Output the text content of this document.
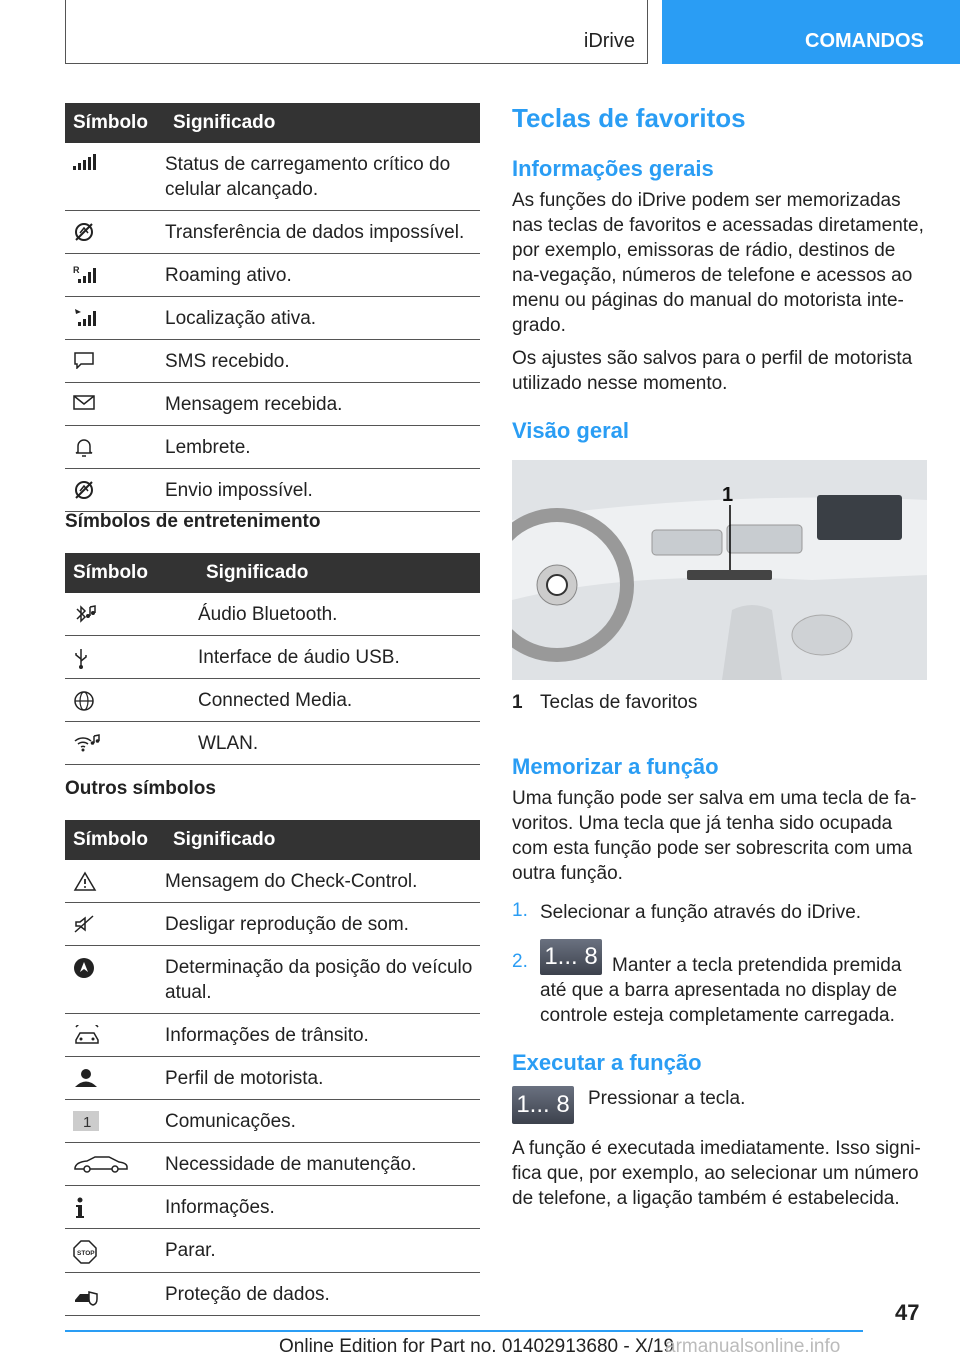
iDrive	COMANDOS
Símbolo	Significado

	Status de carregamento crítico do celular alcançado.

	Transferência de dados impossível.

R	Roaming ativo.

	Localização ativa.

	SMS recebido.

	Mensagem recebida.

	Lembrete.

	Envio impossível.
Símbolos de entretenimento
Símbolo	Significado

	Áudio Bluetooth.

	Interface de áudio USB.

	Connected Media.

	WLAN.
Outros símbolos
Símbolo	Significado

	Mensagem do Check-Control.

	Desligar reprodução de som.

	Determinação da posição do veículo atual.

	Informações de trânsito.

	Perfil de motorista.

1	Comunicações.

	Necessidade de manutenção.

	Informações.

STOP	Parar.

	Proteção de dados.
Teclas de favoritos
Informações gerais

As funções do iDrive podem ser memorizadas nas teclas de favoritos e acessadas diretamente, por exemplo, emissoras de rádio, destinos de na-vegação, números de telefone e acessos ao menu ou páginas do manual do motorista inte-grado.

Os ajustes são salvos para o perfil de motorista utilizado nesse momento.

Visão geral
1
1 Teclas de favoritos
Memorizar a função

Uma função pode ser salva em uma tecla de fa-voritos. Uma tecla que já tenha sido ocupada com esta função pode ser sobrescrita com uma outra função.

1. Selecionar a função através do iDrive.
2. 1... 8 Manter a tecla pretendida premida até que a barra apresentada no display de controle esteja completamente carregada.

Executar a função
1... 8 Pressionar a tecla.

A função é executada imediatamente. Isso signi-fica que, por exemplo, ao selecionar um número de telefone, a ligação também é estabelecida.

47
Online Edition for Part no. 01402913680 - X/19
armanualsonline.info
